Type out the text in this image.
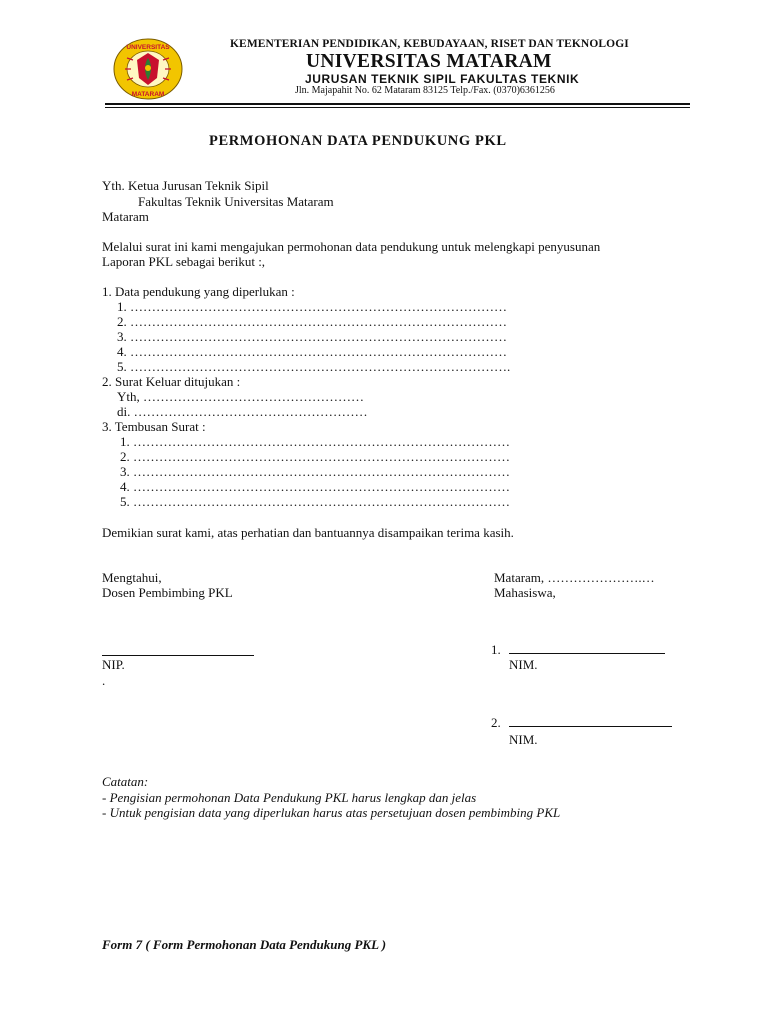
UNIVERSITAS
MATARAM
KEMENTERIAN PENDIDIKAN, KEBUDAYAAN, RISET DAN TEKNOLOGI
UNIVERSITAS MATARAM
JURUSAN TEKNIK SIPIL FAKULTAS TEKNIK
Jln. Majapahit No. 62 Mataram 83125 Telp./Fax. (0370)6361256
PERMOHONAN DATA PENDUKUNG PKL
Yth. Ketua Jurusan Teknik Sipil
Fakultas Teknik Universitas Mataram
Mataram
Melalui surat ini kami mengajukan permohonan data pendukung untuk melengkapi penyusunan
Laporan PKL sebagai berikut :,
1. Data pendukung yang diperlukan :
1. ……………………………………………………………………………
2. ……………………………………………………………………………
3. ……………………………………………………………………………
4. ……………………………………………………………………………
5. …………………………………………………………………………….
2. Surat Keluar ditujukan :
Yth, ……………………………………………
di. ………………………………………………
3. Tembusan Surat :
1. ……………………………………………………………………………
2. ……………………………………………………………………………
3. ……………………………………………………………………………
4. ……………………………………………………………………………
5. ……………………………………………………………………………
Demikian surat kami, atas perhatian dan bantuannya disampaikan terima kasih.
Mengtahui,
Dosen Pembimbing PKL
Mataram, ………………….…
Mahasiswa,
NIP.
.
1.
NIM.
2.
NIM.
Catatan:
- Pengisian permohonan Data Pendukung PKL harus lengkap dan jelas
- Untuk pengisian data yang diperlukan harus atas persetujuan dosen pembimbing PKL
Form 7 ( Form Permohonan Data Pendukung PKL )
